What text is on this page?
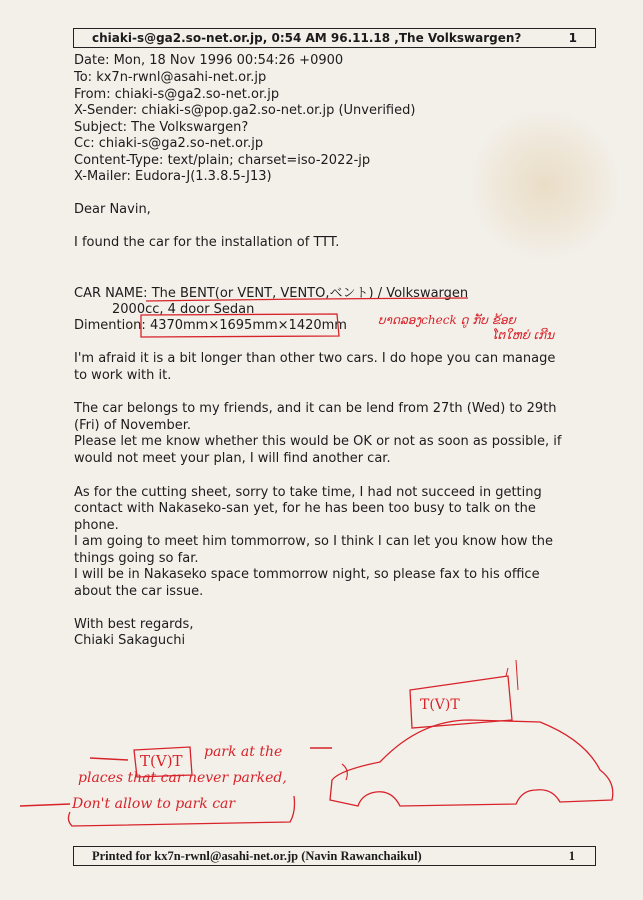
chiaki-s@ga2.so-net.or.jp, 0:54 AM 96.11.18 ,The Volkswargen?	1
Date: Mon, 18 Nov 1996 00:54:26 +0900
To: kx7n-rwnl@asahi-net.or.jp
From: chiaki-s@ga2.so-net.or.jp
X-Sender: chiaki-s@pop.ga2.so-net.or.jp (Unverified)
Subject: The Volkswargen?
Cc: chiaki-s@ga2.so-net.or.jp
Content-Type: text/plain; charset=iso-2022-jp
X-Mailer: Eudora-J(1.3.8.5-J13)
Dear Navin,
I found the car for the installation of TTT.
CAR NAME: The BENT(or VENT, VENTO,ベント) / Volkswargen
2000cc, 4 door Sedan
Dimention: 4370mm×1695mm×1420mm
I'm afraid it is a bit longer than other two cars. I do hope you can manage
to work with it.
The car belongs to my friends, and it can be lend from 27th (Wed) to 29th
(Fri) of November.
Please let me know whether this would be OK or not as soon as possible, if
would not meet your plan, I will find another car.
As for the cutting sheet, sorry to take time, I had not succeed in getting
contact with Nakaseko-san yet, for he has been too busy to talk on the
phone.
I am going to meet him tommorrow, so I think I can let you know how the
things going so far.
I will be in Nakaseko space tommorrow night, so please fax to his office
about the car issue.
With best regards,
Chiaki Sakaguchi
ບາດລອງcheck ດູ ກັບ ຂ້ອຍ
ໂຕໃຫຍ່ ເກີນ
T(V)T
T(V)T park at the
places that car never parked,
Don't allow to park car
Printed for kx7n-rwnl@asahi-net.or.jp (Navin Rawanchaikul)	1
